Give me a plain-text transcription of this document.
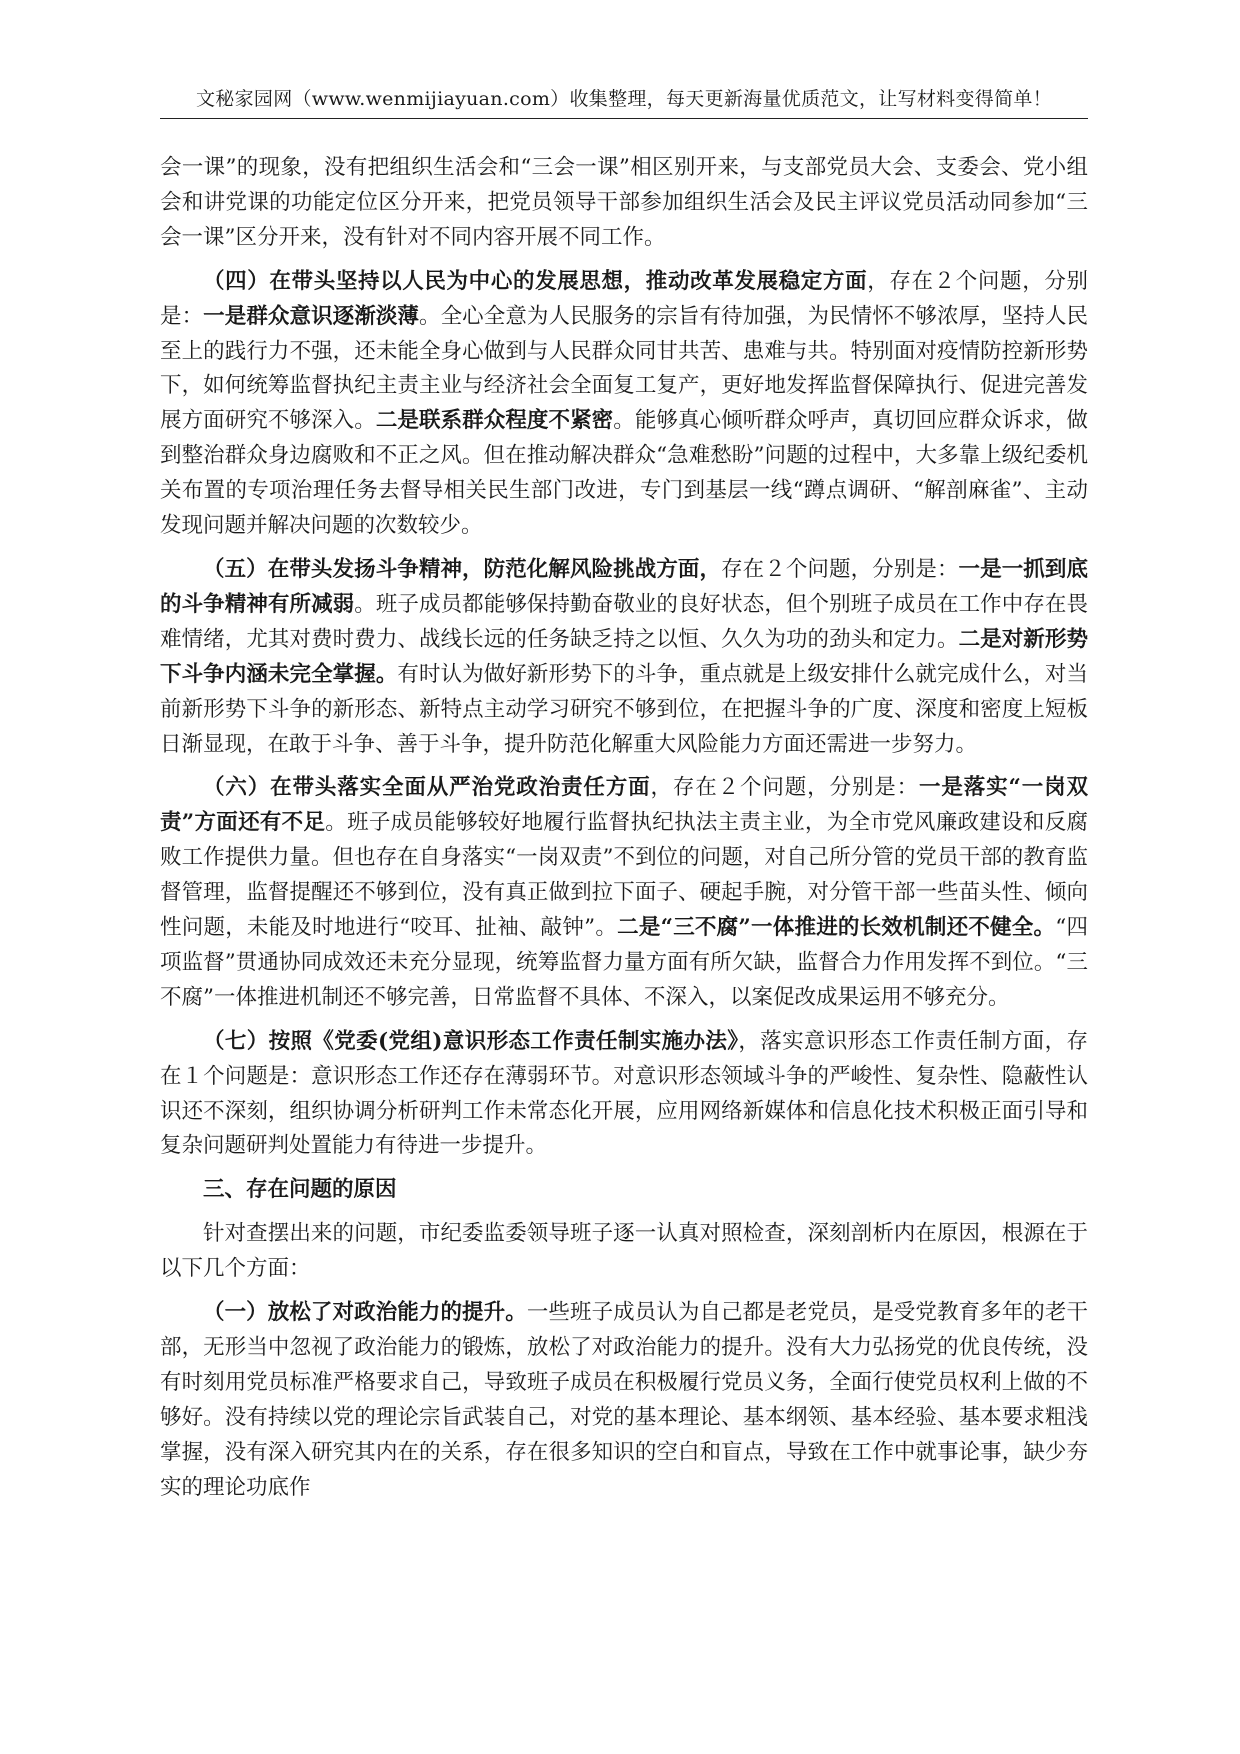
文秘家园网（www.wenmijiayuan.com）收集整理，每天更新海量优质范文，让写材料变得简单！

会一课”的现象，没有把组织生活会和“三会一课”相区别开来，与支部党员大会、支委会、党小组会和讲党课的功能定位区分开来，把党员领导干部参加组织生活会及民主评议党员活动同参加“三会一课”区分开来，没有针对不同内容开展不同工作。

（四）在带头坚持以人民为中心的发展思想，推动改革发展稳定方面，存在２个问题，分别是：一是群众意识逐渐淡薄。全心全意为人民服务的宗旨有待加强，为民情怀不够浓厚，坚持人民至上的践行力不强，还未能全身心做到与人民群众同甘共苦、患难与共。特别面对疫情防控新形势下，如何统筹监督执纪主责主业与经济社会全面复工复产，更好地发挥监督保障执行、促进完善发展方面研究不够深入。二是联系群众程度不紧密。能够真心倾听群众呼声，真切回应群众诉求，做到整治群众身边腐败和不正之风。但在推动解决群众“急难愁盼”问题的过程中，大多靠上级纪委机关布置的专项治理任务去督导相关民生部门改进，专门到基层一线“蹲点调研、“解剖麻雀”、主动发现问题并解决问题的次数较少。

（五）在带头发扬斗争精神，防范化解风险挑战方面，存在２个问题，分别是：一是一抓到底的斗争精神有所减弱。班子成员都能够保持勤奋敬业的良好状态，但个别班子成员在工作中存在畏难情绪，尤其对费时费力、战线长远的任务缺乏持之以恒、久久为功的劲头和定力。二是对新形势下斗争内涵未完全掌握。有时认为做好新形势下的斗争，重点就是上级安排什么就完成什么，对当前新形势下斗争的新形态、新特点主动学习研究不够到位，在把握斗争的广度、深度和密度上短板日渐显现，在敢于斗争、善于斗争，提升防范化解重大风险能力方面还需进一步努力。

（六）在带头落实全面从严治党政治责任方面，存在２个问题，分别是：一是落实“一岗双责”方面还有不足。班子成员能够较好地履行监督执纪执法主责主业，为全市党风廉政建设和反腐败工作提供力量。但也存在自身落实“一岗双责”不到位的问题，对自己所分管的党员干部的教育监督管理，监督提醒还不够到位，没有真正做到拉下面子、硬起手腕，对分管干部一些苗头性、倾向性问题，未能及时地进行“咬耳、扯袖、敲钟”。二是“三不腐”一体推进的长效机制还不健全。“四项监督”贯通协同成效还未充分显现，统筹监督力量方面有所欠缺，监督合力作用发挥不到位。“三不腐”一体推进机制还不够完善，日常监督不具体、不深入，以案促改成果运用不够充分。

（七）按照《党委(党组)意识形态工作责任制实施办法》，落实意识形态工作责任制方面，存在１个问题是：意识形态工作还存在薄弱环节。对意识形态领域斗争的严峻性、复杂性、隐蔽性认识还不深刻，组织协调分析研判工作未常态化开展，应用网络新媒体和信息化技术积极正面引导和复杂问题研判处置能力有待进一步提升。

三、存在问题的原因

针对查摆出来的问题，市纪委监委领导班子逐一认真对照检查，深刻剖析内在原因，根源在于以下几个方面：

（一）放松了对政治能力的提升。一些班子成员认为自己都是老党员，是受党教育多年的老干部，无形当中忽视了政治能力的锻炼，放松了对政治能力的提升。没有大力弘扬党的优良传统，没有时刻用党员标准严格要求自己，导致班子成员在积极履行党员义务，全面行使党员权利上做的不够好。没有持续以党的理论宗旨武装自己，对党的基本理论、基本纲领、基本经验、基本要求粗浅掌握，没有深入研究其内在的关系，存在很多知识的空白和盲点，导致在工作中就事论事，缺少夯实的理论功底作
